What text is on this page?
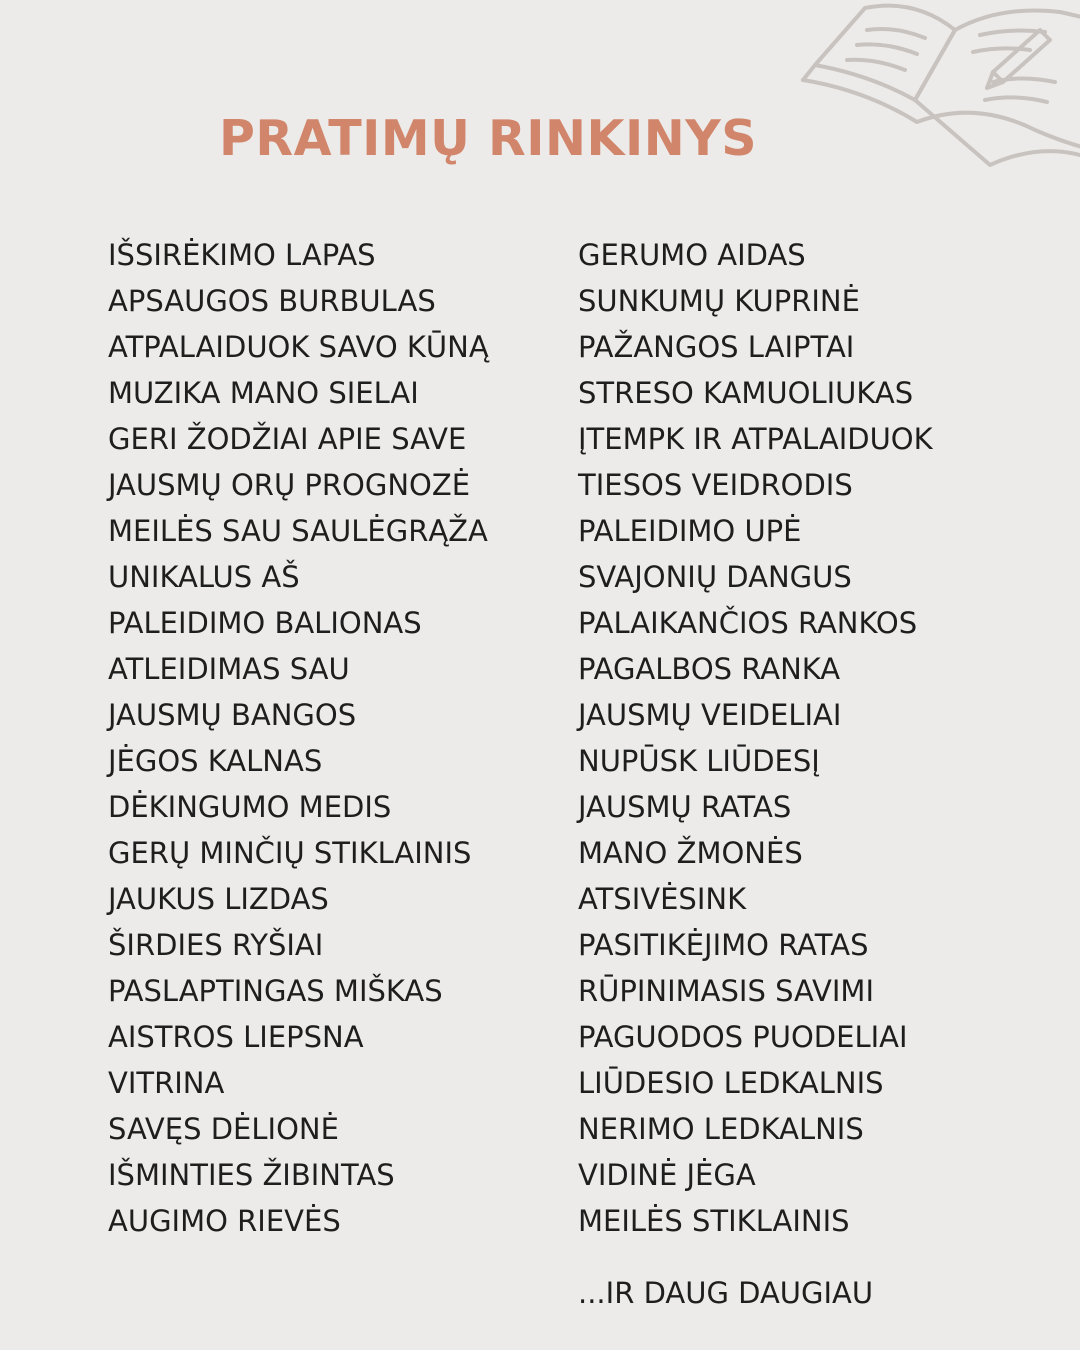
PRATIMŲ RINKINYS
IŠSIRĖKIMO LAPAS
APSAUGOS BURBULAS
ATPALAIDUOK SAVO KŪNĄ
MUZIKA MANO SIELAI
GERI ŽODŽIAI APIE SAVE
JAUSMŲ ORŲ PROGNOZĖ
MEILĖS SAU SAULĖGRĄŽA
UNIKALUS AŠ
PALEIDIMO BALIONAS
ATLEIDIMAS SAU
JAUSMŲ BANGOS
JĖGOS KALNAS
DĖKINGUMO MEDIS
GERŲ MINČIŲ STIKLAINIS
JAUKUS LIZDAS
ŠIRDIES RYŠIAI
PASLAPTINGAS MIŠKAS
AISTROS LIEPSNA
VITRINA
SAVĘS DĖLIONĖ
IŠMINTIES ŽIBINTAS
AUGIMO RIEVĖS
GERUMO AIDAS
SUNKUMŲ KUPRINĖ
PAŽANGOS LAIPTAI
STRESO KAMUOLIUKAS
ĮTEMPK IR ATPALAIDUOK
TIESOS VEIDRODIS
PALEIDIMO UPĖ
SVAJONIŲ DANGUS
PALAIKANČIOS RANKOS
PAGALBOS RANKA
JAUSMŲ VEIDELIAI
NUPŪSK LIŪDESĮ
JAUSMŲ RATAS
MANO ŽMONĖS
ATSIVĖSINK
PASITIKĖJIMO RATAS
RŪPINIMASIS SAVIMI
PAGUODOS PUODELIAI
LIŪDESIO LEDKALNIS
NERIMO LEDKALNIS
VIDINĖ JĖGA
MEILĖS STIKLAINIS
...IR DAUG DAUGIAU
